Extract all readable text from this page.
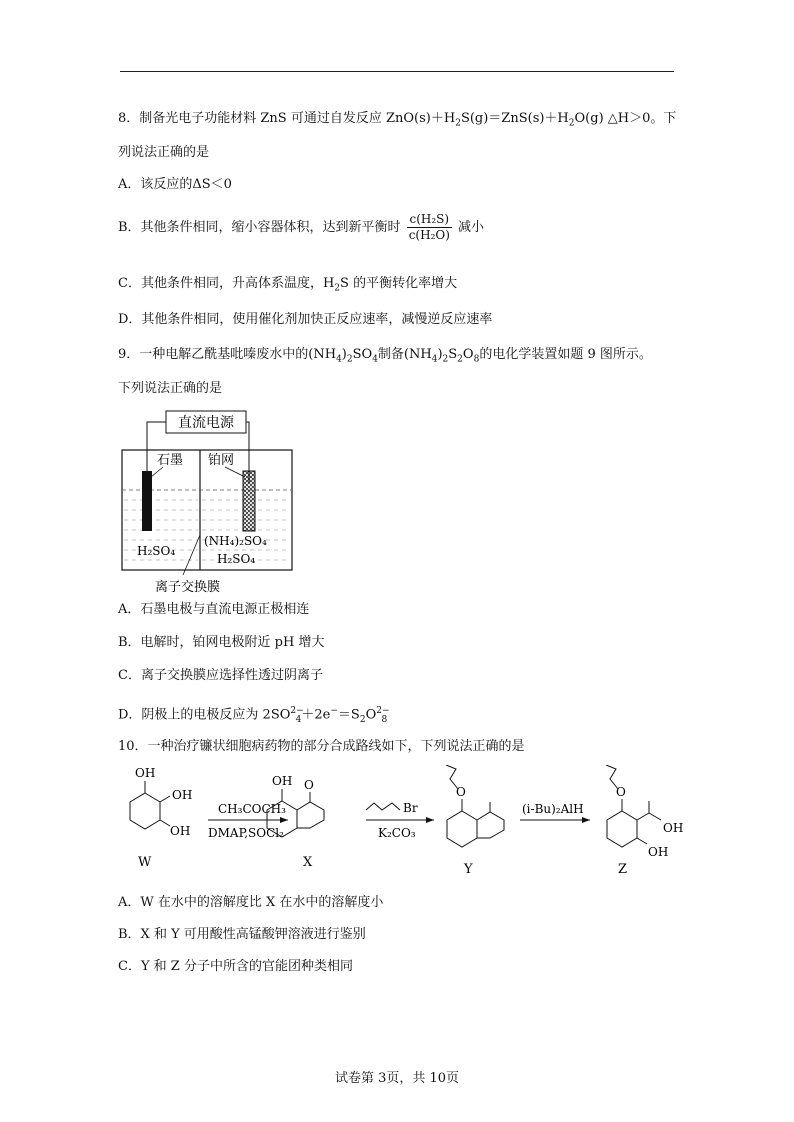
8．制备光电子功能材料 ZnS 可通过自发反应 $ZnO(s)+H_2S(g)=ZnS(s)+H_2O(g)$ △H＞0。下
列说法正确的是
A．该反应的ΔS＜0
B．其他条件相同，缩小容器体积，达到新平衡时 $\frac{\text{c(H₂S)}}{\text{c(H₂O)}}$ 减小
C．其他条件相同，升高体系温度，$H_2S$ 的平衡转化率增大
D．其他条件相同，使用催化剂加快正反应速率，减慢逆反应速率
9．一种电解乙酰基吡嗪废水中的$(NH_4)_2SO_4$制备$(NH_4)_2S_2O_8$的电化学装置如题 9 图所示。
下列说法正确的是
直流电源
石墨 铂网
H₂SO₄
(NH₄)₂SO₄
H₂SO₄
离子交换膜
A．石墨电极与直流电源正极相连
B．电解时，铂网电极附近 pH 增大
C．离子交换膜应选择性透过阴离子
D．阴极上的电极反应为 $2SO^{2-}_4+2e^-=S_2O^{2-}_8$
10．一种治疗镰状细胞病药物的部分合成路线如下，下列说法正确的是
OH
OH
OH
W
CH₃COCH₃
DMAP,SOCl₂
OH O
X
Br
K₂CO₃
O
Y
(i-Bu)₂AlH
O
OH
OH
Z
A．W 在水中的溶解度比 X 在水中的溶解度小
B．X 和 Y 可用酸性高锰酸钾溶液进行鉴别
C．Y 和 Z 分子中所含的官能团种类相同
试卷第 3页，共 10页
